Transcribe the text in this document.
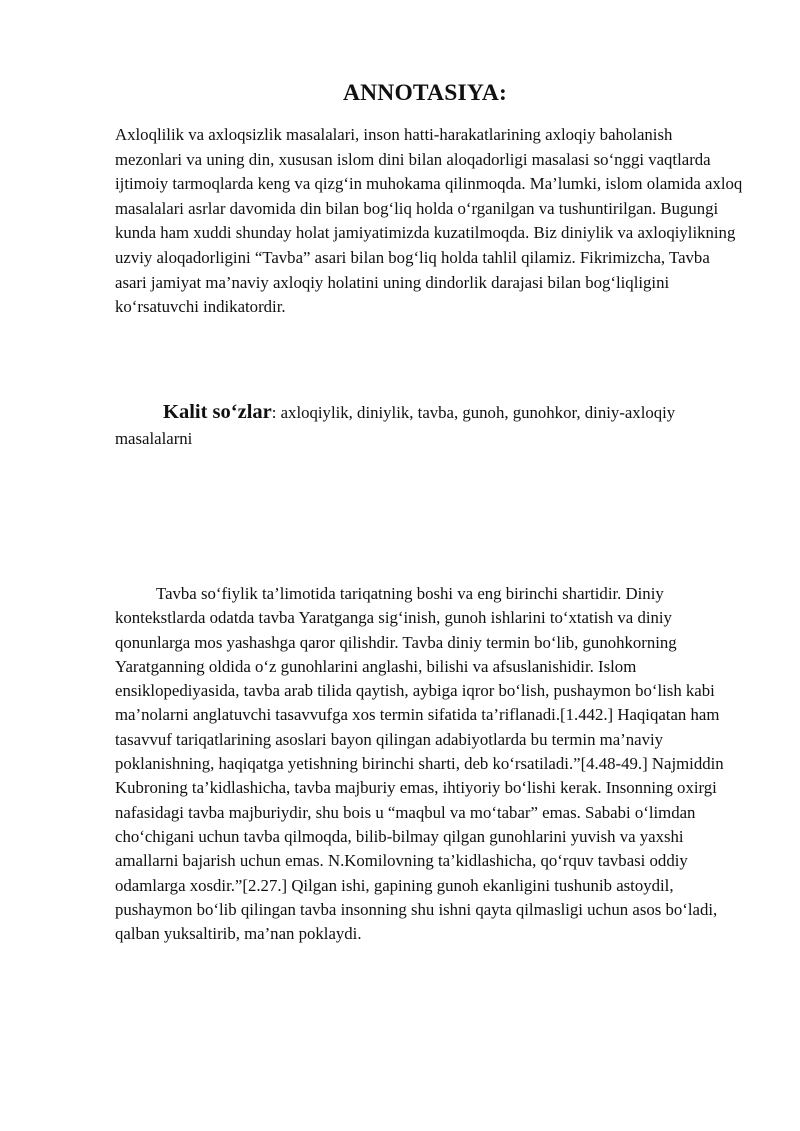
ANNOTASIYA:

Axloqlilik va axloqsizlik masalalari, inson hatti-harakatlarining axloqiy baholanish mezonlari va uning din, xususan islom dini bilan aloqadorligi masalasi so‘nggi vaqtlarda ijtimoiy tarmoqlarda keng va qizg‘in muhokama qilinmoqda. Ma’lumki, islom olamida axloq masalalari asrlar davomida din bilan bog‘liq holda o‘rganilgan va tushuntirilgan. Bugungi kunda ham xuddi shunday holat jamiyatimizda kuzatilmoqda. Biz diniylik va axloqiylikning uzviy aloqadorligini “Tavba” asari bilan bog‘liq holda tahlil qilamiz. Fikrimizcha, Tavba asari jamiyat ma’naviy axloqiy holatini uning dindorlik darajasi bilan bog‘liqligini ko‘rsatuvchi indikatordir.

Kalit so‘zlar: axloqiylik, diniylik, tavba, gunoh, gunohkor, diniy-axloqiy masalalarni

Tavba so‘fiylik ta’limotida tariqatning boshi va eng birinchi shartidir. Diniy kontekstlarda odatda tavba Yaratganga sig‘inish, gunoh ishlarini to‘xtatish va diniy qonunlarga mos yashashga qaror qilishdir. Tavba diniy termin bo‘lib, gunohkorning Yaratganning oldida o‘z gunohlarini anglashi, bilishi va afsuslanishidir. Islom ensiklopediyasida, tavba arab tilida qaytish, aybiga iqror bo‘lish, pushaymon bo‘lish kabi ma’nolarni anglatuvchi tasavvufga xos termin sifatida ta’riflanadi.[1.442.] Haqiqatan ham tasavvuf tariqatlarining asoslari bayon qilingan adabiyotlarda bu termin ma’naviy poklanishning, haqiqatga yetishning birinchi sharti, deb ko‘rsatiladi.”[4.48-49.] Najmiddin Kubroning ta’kidlashicha, tavba majburiy emas, ihtiyoriy bo‘lishi kerak. Insonning oxirgi nafasidagi tavba majburiydir, shu bois u “maqbul va mo‘tabar” emas. Sababi o‘limdan cho‘chigani uchun tavba qilmoqda, bilib-bilmay qilgan gunohlarini yuvish va yaxshi amallarni bajarish uchun emas. N.Komilovning ta’kidlashicha, qo‘rquv tavbasi oddiy odamlarga xosdir.”[2.27.] Qilgan ishi, gapining gunoh ekanligini tushunib astoydil, pushaymon bo‘lib qilingan tavba insonning shu ishni qayta qilmasligi uchun asos bo‘ladi, qalban yuksaltirib, ma’nan poklaydi.
